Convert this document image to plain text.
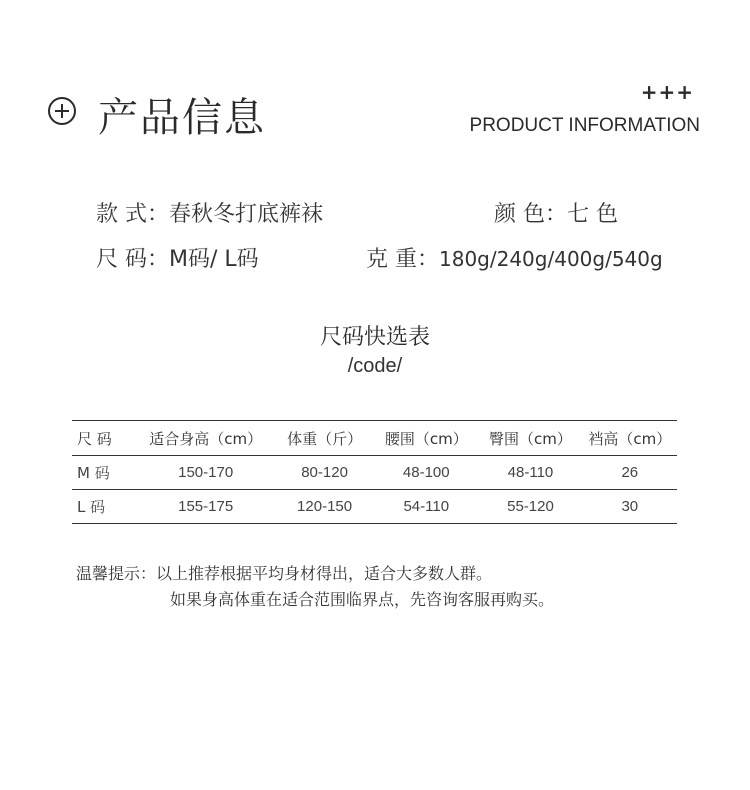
产品信息
+++
PRODUCT INFORMATION
款 式：春秋冬打底裤袜	颜 色：七 色
尺 码：M码/ L码	克 重：180g/240g/400g/540g
尺码快选表
/code/
尺 码	适合身高（cm）	体重（斤）	腰围（cm）	臀围（cm）	裆高（cm）
M 码	150-170	80-120	48-100	48-110	26
L 码	155-175	120-150	54-110	55-120	30
温馨提示：以上推荐根据平均身材得出，适合大多数人群。
如果身高体重在适合范围临界点，先咨询客服再购买。
